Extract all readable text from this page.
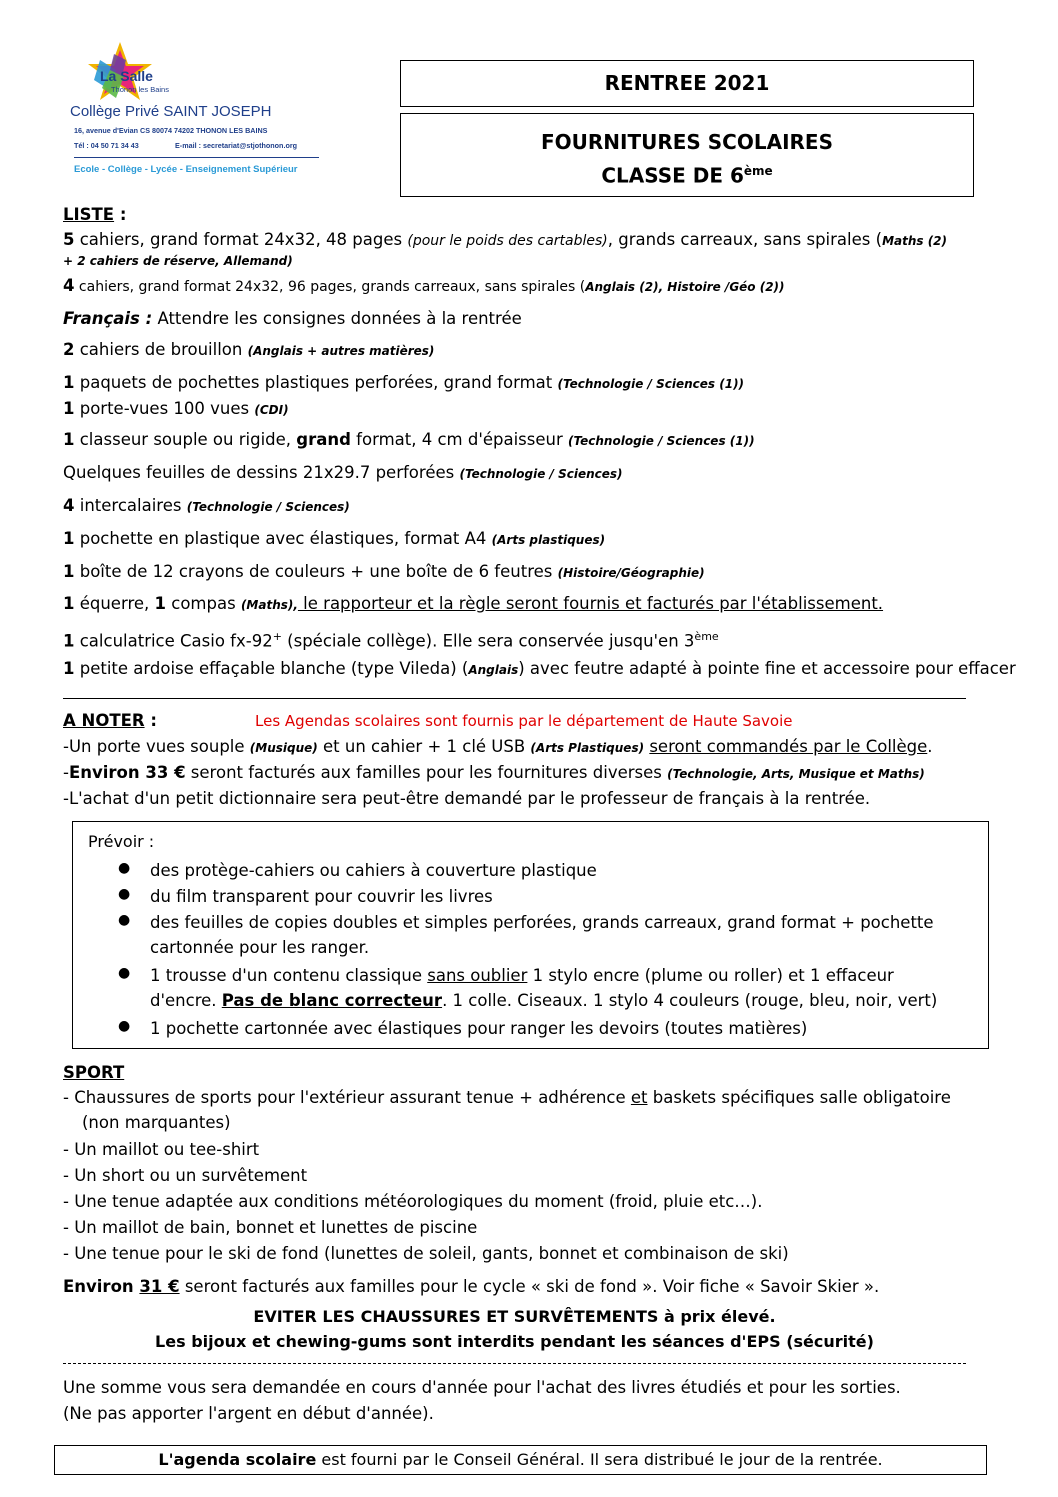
La Salle
Thonon les Bains
Collège Privé SAINT JOSEPH
16, avenue d'Evian CS 80074 74202 THONON LES BAINS
Tél : 04 50 71 34 43	E-mail : secretariat@stjothonon.org
Ecole - Collège - Lycée - Enseignement Supérieur
RENTREE 2021
FOURNITURES SCOLAIRES
CLASSE DE 6ème
LISTE :
5 cahiers, grand format 24x32, 48 pages (pour le poids des cartables), grands carreaux, sans spirales (Maths (2)
+ 2 cahiers de réserve, Allemand)
4 cahiers, grand format 24x32, 96 pages, grands carreaux, sans spirales (Anglais (2), Histoire /Géo (2))
Français : Attendre les consignes données à la rentrée
2 cahiers de brouillon (Anglais + autres matières)
1 paquets de pochettes plastiques perforées, grand format (Technologie / Sciences (1))
1 porte-vues 100 vues (CDI)
1 classeur souple ou rigide, grand format, 4 cm d'épaisseur (Technologie / Sciences (1))
Quelques feuilles de dessins 21x29.7 perforées (Technologie / Sciences)
4 intercalaires (Technologie / Sciences)
1 pochette en plastique avec élastiques, format A4 (Arts plastiques)
1 boîte de 12 crayons de couleurs + une boîte de 6 feutres (Histoire/Géographie)
1 équerre, 1 compas (Maths), le rapporteur et la règle seront fournis et facturés par l'établissement.
1 calculatrice Casio fx-92+ (spéciale collège). Elle sera conservée jusqu'en 3ème
1 petite ardoise effaçable blanche (type Vileda) (Anglais) avec feutre adapté à pointe fine et accessoire pour effacer
A NOTER :	Les Agendas scolaires sont fournis par le département de Haute Savoie
-Un porte vues souple (Musique) et un cahier + 1 clé USB (Arts Plastiques) seront commandés par le Collège.
-Environ 33 € seront facturés aux familles pour les fournitures diverses (Technologie, Arts, Musique et Maths)
-L'achat d'un petit dictionnaire sera peut-être demandé par le professeur de français à la rentrée.
Prévoir :
● des protège-cahiers ou cahiers à couverture plastique
● du film transparent pour couvrir les livres
● des feuilles de copies doubles et simples perforées, grands carreaux, grand format + pochette cartonnée pour les ranger.
● 1 trousse d'un contenu classique sans oublier 1 stylo encre (plume ou roller) et 1 effaceur d'encre. Pas de blanc correcteur. 1 colle. Ciseaux. 1 stylo 4 couleurs (rouge, bleu, noir, vert)
● 1 pochette cartonnée avec élastiques pour ranger les devoirs (toutes matières)
SPORT
- Chaussures de sports pour l'extérieur assurant tenue + adhérence et baskets spécifiques salle obligatoire
(non marquantes)
- Un maillot ou tee-shirt
- Un short ou un survêtement
- Une tenue adaptée aux conditions météorologiques du moment (froid, pluie etc…).
- Un maillot de bain, bonnet et lunettes de piscine
- Une tenue pour le ski de fond (lunettes de soleil, gants, bonnet et combinaison de ski)
Environ 31 € seront facturés aux familles pour le cycle « ski de fond ». Voir fiche « Savoir Skier ».
EVITER LES CHAUSSURES ET SURVÊTEMENTS à prix élevé.
Les bijoux et chewing-gums sont interdits pendant les séances d'EPS (sécurité)
Une somme vous sera demandée en cours d'année pour l'achat des livres étudiés et pour les sorties.
(Ne pas apporter l'argent en début d'année).
L'agenda scolaire est fourni par le Conseil Général. Il sera distribué le jour de la rentrée.
